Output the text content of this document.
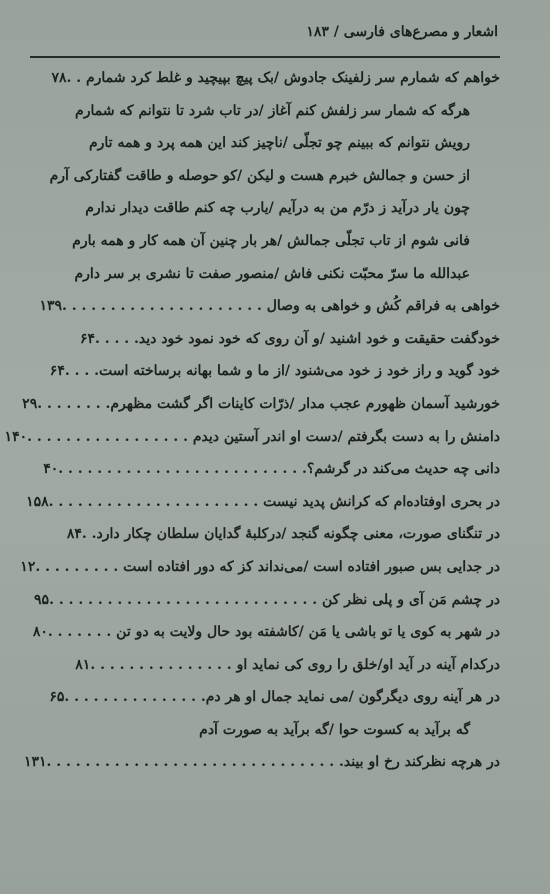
اشعار و مصرع‌های فارسی / ۱۸۳
خواهم که شمارم سر زلفینک جادوش /بک پیچ بپیچید و غلط کرد شمارم . .۷۸
هرگه که شمار سر زلفش کنم آغاز /در تاب شرد تا نتوانم که شمارم
رویش نتوانم که ببینم چو تجلّی /ناچیز کند این همه پرد و همه تارم
از حسن و جمالش خبرم هست و لیکن /کو حوصله و طاقت گفتارکی آرم
چون یار درآید ز درّم من به درآیم /یارب چه کنم طاقت دیدار ندارم
فانی شوم از تاب تجلّی جمالش /هر بار چنین آن همه کار و همه بارم
عبدالله ما سرّ محبّت نکنی فاش /منصور صفت تا نشری بر سر دارم
خواهی به فراقم کُش و خواهی به وصال . . . . . . . . . . . . . . . . . . . . .۱۳۹
خودگفت حقیقت و خود اشنید /و آن روی که خود نمود خود دید. . . . .۶۴
خود گوید و راز خود ز خود می‌شنود /از ما و شما بهانه برساخته است. . . .۶۴
خورشید آسمان ظهورم عجب مدار /ذرّات کاینات اگر گشت مظهرم. . . . . . . .۲۹
دامنش را به دست بگرفتم /دست او اندر آستین دیدم . . . . . . . . . . . . . . . . .۱۴۰
دانی چه حدیث می‌کند در گرشم؟. . . . . . . . . . . . . . . . . . . . . . . . . .۴۰
در بحری اوفتاده‌ام که کرانش پدید نیست . . . . . . . . . . . . . . . . . . . . . .۱۵۸
در تنگنای صورت، معنی چگونه گنجد /درکلبهٔ گدایان سلطان چکار دارد. .۸۴
در جدایی بس صبور افتاده است /می‌نداند کز که دور افتاده است . . . . . . . . .۱۲
در چشم مَن آی و پلی نظر کن . . . . . . . . . . . . . . . . . . . . . . . . . . . .۹۵
در شهر به کوی یا تو باشی یا مَن /کاشفته بود حال ولایت به دو تن . . . . . . .۸۰
درکدام آینه در آید او/خلق را روی کی نماید او . . . . . . . . . . . . . . .۸۱
در هر آینه روی دیگرگون /می نماید جمال او هر دم. . . . . . . . . . . . . . .۶۵
گه برآید به کسوت حوا /گه برآید به صورت آدم
در هرچه نظرکند رخ او بیند. . . . . . . . . . . . . . . . . . . . . . . . . . . . . . .۱۳۱
